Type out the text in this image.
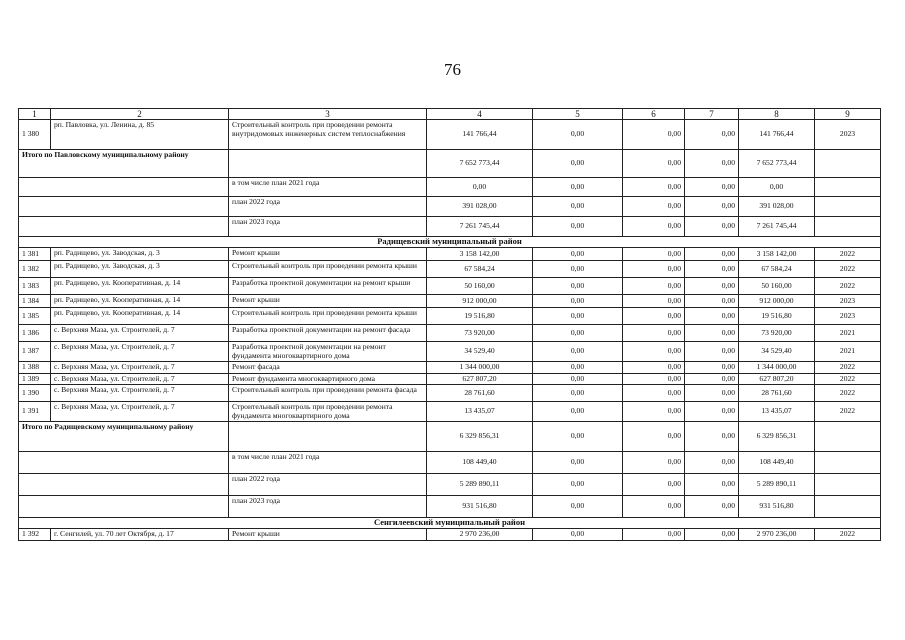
76
1	2	3	4	5	6	7	8	9
1 380	рп. Павловка, ул. Ленина, д. 85	Строительный контроль при проведении ремонта внутридомовых инженерных систем теплоснабжения	141 766,44	0,00	0,00	0,00	141 766,44	2023
Итого по Павловскому муниципальному району			7 652 773,44	0,00	0,00	0,00	7 652 773,44	
		в том числе план 2021 года	0,00	0,00	0,00	0,00	0,00	
		план 2022 года	391 028,00	0,00	0,00	0,00	391 028,00	
		план 2023 года	7 261 745,44	0,00	0,00	0,00	7 261 745,44	
Радищевский муниципальный район								
1 381	рп. Радищево, ул. Заводская, д. 3	Ремонт крыши	3 158 142,00	0,00	0,00	0,00	3 158 142,00	2022
1 382	рп. Радищево, ул. Заводская, д. 3	Строительный контроль при проведении ремонта крыши	67 584,24	0,00	0,00	0,00	67 584,24	2022
1 383	рп. Радищево, ул. Кооперативная, д. 14	Разработка проектной документации на ремонт крыши	50 160,00	0,00	0,00	0,00	50 160,00	2022
1 384	рп. Радищево, ул. Кооперативная, д. 14	Ремонт крыши	912 000,00	0,00	0,00	0,00	912 000,00	2023
1 385	рп. Радищево, ул. Кооперативная, д. 14	Строительный контроль при проведении ремонта крыши	19 516,80	0,00	0,00	0,00	19 516,80	2023
1 386	с. Верхняя Маза, ул. Строителей, д. 7	Разработка проектной документации на ремонт фасада	73 920,00	0,00	0,00	0,00	73 920,00	2021
1 387	с. Верхняя Маза, ул. Строителей, д. 7	Разработка проектной документации на ремонт фундамента многоквартирного дома	34 529,40	0,00	0,00	0,00	34 529,40	2021
1 388	с. Верхняя Маза, ул. Строителей, д. 7	Ремонт фасада	1 344 000,00	0,00	0,00	0,00	1 344 000,00	2022
1 389	с. Верхняя Маза, ул. Строителей, д. 7	Ремонт фундамента многоквартирного дома	627 807,20	0,00	0,00	0,00	627 807,20	2022
1 390	с. Верхняя Маза, ул. Строителей, д. 7	Строительный контроль при проведении ремонта фасада	28 761,60	0,00	0,00	0,00	28 761,60	2022
1 391	с. Верхняя Маза, ул. Строителей, д. 7	Строительный контроль при проведении ремонта фундамента многоквартирного дома	13 435,07	0,00	0,00	0,00	13 435,07	2022
Итого по Радищевскому муниципальному району			6 329 856,31	0,00	0,00	0,00	6 329 856,31	
		в том числе план 2021 года	108 449,40	0,00	0,00	0,00	108 449,40	
		план 2022 года	5 289 890,11	0,00	0,00	0,00	5 289 890,11	
		план 2023 года	931 516,80	0,00	0,00	0,00	931 516,80	
Сенгилеевский муниципальный район								
1 392	г. Сенгилей, ул. 70 лет Октября, д. 17	Ремонт крыши	2 970 236,00	0,00	0,00	0,00	2 970 236,00	2022
